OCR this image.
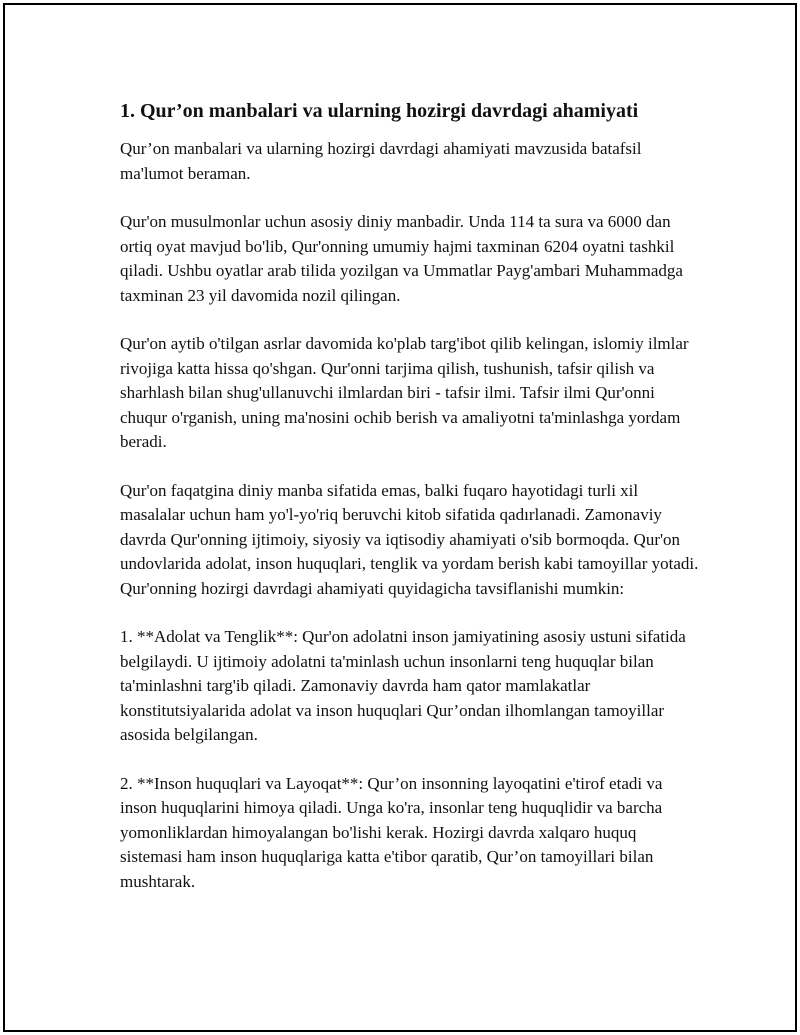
1. Qur’on manbalari va ularning hozirgi davrdagi ahamiyati

Qur’on manbalari va ularning hozirgi davrdagi ahamiyati mavzusida batafsil ma'lumot beraman.

Qur'on musulmonlar uchun asosiy diniy manbadir. Unda 114 ta sura va 6000 dan ortiq oyat mavjud bo'lib, Qur'onning umumiy hajmi taxminan 6204 oyatni tashkil qiladi. Ushbu oyatlar arab tilida yozilgan va Ummatlar Payg'ambari Muhammadga taxminan 23 yil davomida nozil qilingan.

Qur'on aytib o'tilgan asrlar davomida ko'plab targ'ibot qilib kelingan, islomiy ilmlar rivojiga katta hissa qo'shgan. Qur'onni tarjima qilish, tushunish, tafsir qilish va sharhlash bilan shug'ullanuvchi ilmlardan biri - tafsir ilmi. Tafsir ilmi Qur'onni chuqur o'rganish, uning ma'nosini ochib berish va amaliyotni ta'minlashga yordam beradi.

Qur'on faqatgina diniy manba sifatida emas, balki fuqaro hayotidagi turli xil masalalar uchun ham yo'l-yo'riq beruvchi kitob sifatida qadırlanadi. Zamonaviy davrda Qur'onning ijtimoiy, siyosiy va iqtisodiy ahamiyati o'sib bormoqda. Qur'on undovlarida adolat, inson huquqlari, tenglik va yordam berish kabi tamoyillar yotadi. Qur'onning hozirgi davrdagi ahamiyati quyidagicha tavsiflanishi mumkin:

1. **Adolat va Tenglik**: Qur'on adolatni inson jamiyatining asosiy ustuni sifatida belgilaydi. U ijtimoiy adolatni ta'minlash uchun insonlarni teng huquqlar bilan ta'minlashni targ'ib qiladi. Zamonaviy davrda ham qator mamlakatlar konstitutsiyalarida adolat va inson huquqlari Qur’ondan ilhomlangan tamoyillar asosida belgilangan.

2. **Inson huquqlari va Layoqat**: Qur’on insonning layoqatini e'tirof etadi va inson huquqlarini himoya qiladi. Unga ko'ra, insonlar teng huquqlidir va barcha yomonliklardan himoyalangan bo'lishi kerak. Hozirgi davrda xalqaro huquq sistemasi ham inson huquqlariga katta e'tibor qaratib, Qur’on tamoyillari bilan mushtarak.
